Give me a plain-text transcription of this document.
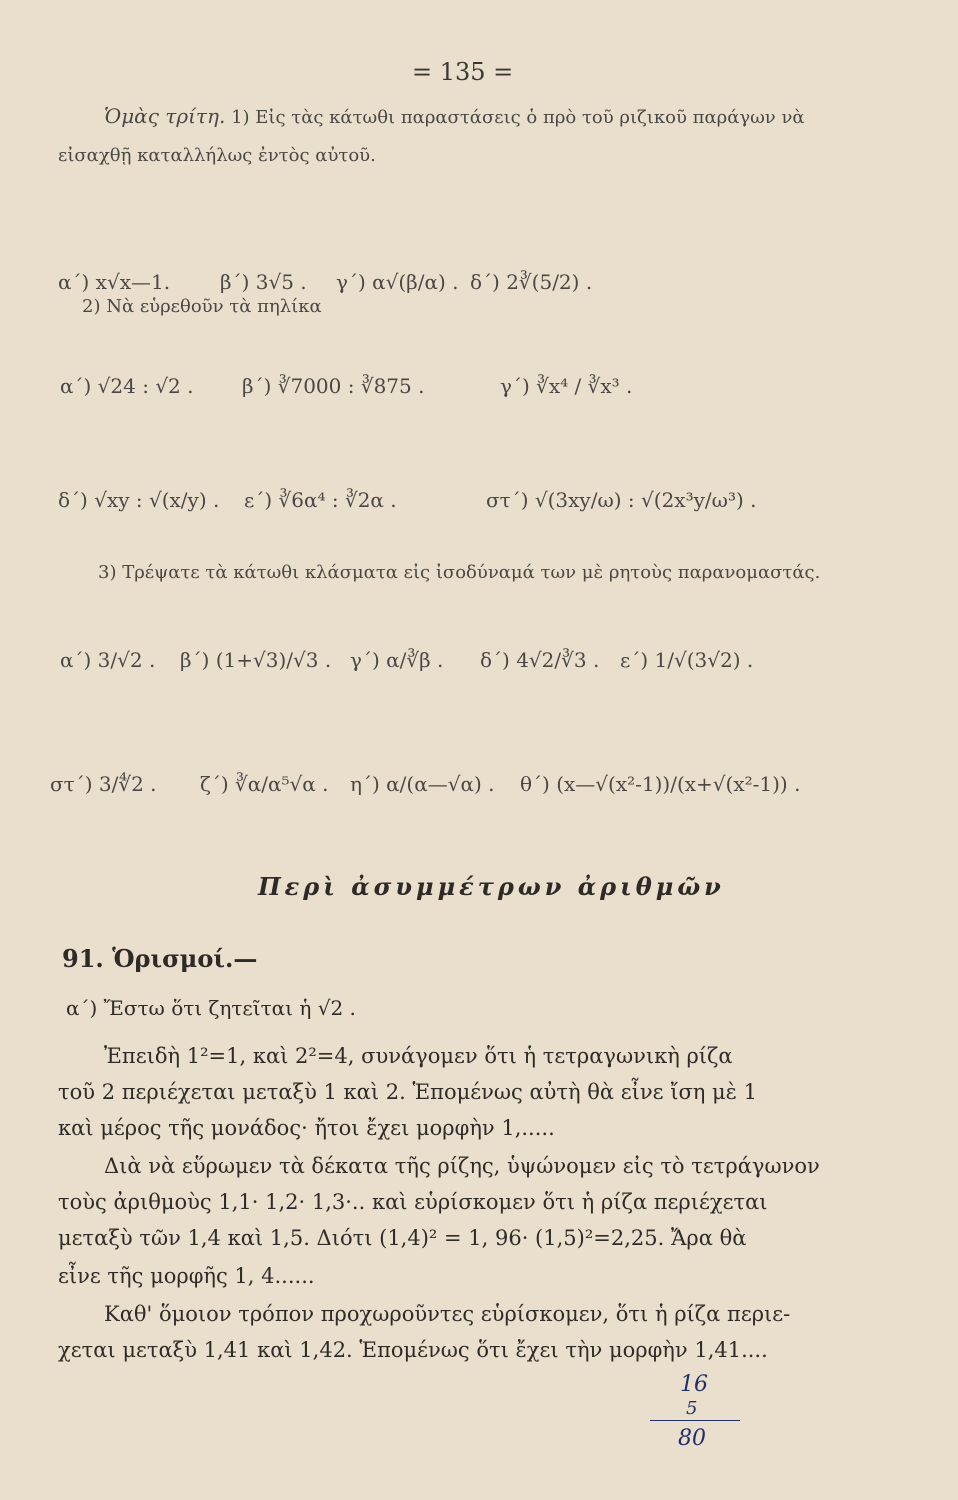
= 135 =
Ὁμὰς τρίτη. 1) Εἰς τὰς κάτωθι παραστάσεις ὁ πρὸ τοῦ ριζικοῦ παράγων νὰ
εἰσαχθῇ καταλλήλως ἐντὸς αὐτοῦ.
α΄) x√x—1. β΄) 3√5 . γ΄) α√(β/α) . δ΄) 2∛(5/2) .
2) Νὰ εὑρεθοῦν τὰ πηλίκα
α΄) √24 : √2 . β΄) ∛7000 : ∛875 .	γ΄) ∛x⁴ / ∛x³ .
δ΄) √xy : √(x/y) . ε΄) ∛6α⁴ : ∛2α .	στ΄) √(3xy/ω) : √(2x³y/ω³) .
3) Τρέψατε τὰ κάτωθι κλάσματα εἰς ἰσοδύναμά των μὲ ρητοὺς παρανομαστάς.
α΄) 3/√2 . β΄) (1+√3)/√3 . γ΄) α/∛β . δ΄) 4√2/∛3 . ε΄) 1/√(3√2) .
στ΄) 3/∜2 . ζ΄) ∛α/α⁵√α . η΄) α/(α—√α) . θ΄) (x—√(x²-1))/(x+√(x²-1)) .
Περὶ ἀσυμμέτρων ἀριθμῶν
91. Ὁρισμοί.—
α΄) Ἔστω ὅτι ζητεῖται ἡ √2 .
Ἐπειδὴ 1²=1, καὶ 2²=4, συνάγομεν ὅτι ἡ τετραγωνικὴ ρίζα
τοῦ 2 περιέχεται μεταξὺ 1 καὶ 2. Ἑπομένως αὐτὴ θὰ εἶνε ἴση μὲ 1
καὶ μέρος τῆς μονάδος· ἤτοι ἔχει μορφὴν 1,.....
Διὰ νὰ εὕρωμεν τὰ δέκατα τῆς ρίζης, ὑψώνομεν εἰς τὸ τετράγωνον
τοὺς ἀριθμοὺς 1,1· 1,2· 1,3·.. καὶ εὑρίσκομεν ὅτι ἡ ρίζα περιέχεται
μεταξὺ τῶν 1,4 καὶ 1,5. Διότι (1,4)² = 1, 96· (1,5)²=2,25. Ἄρα θὰ
εἶνε τῆς μορφῆς 1, 4......
Καθ' ὅμοιον τρόπον προχωροῦντες εὑρίσκομεν, ὅτι ἡ ρίζα περιε-
χεται μεταξὺ 1,41 καὶ 1,42. Ἑπομένως ὅτι ἔχει τὴν μορφὴν 1,41....
16
5
80
